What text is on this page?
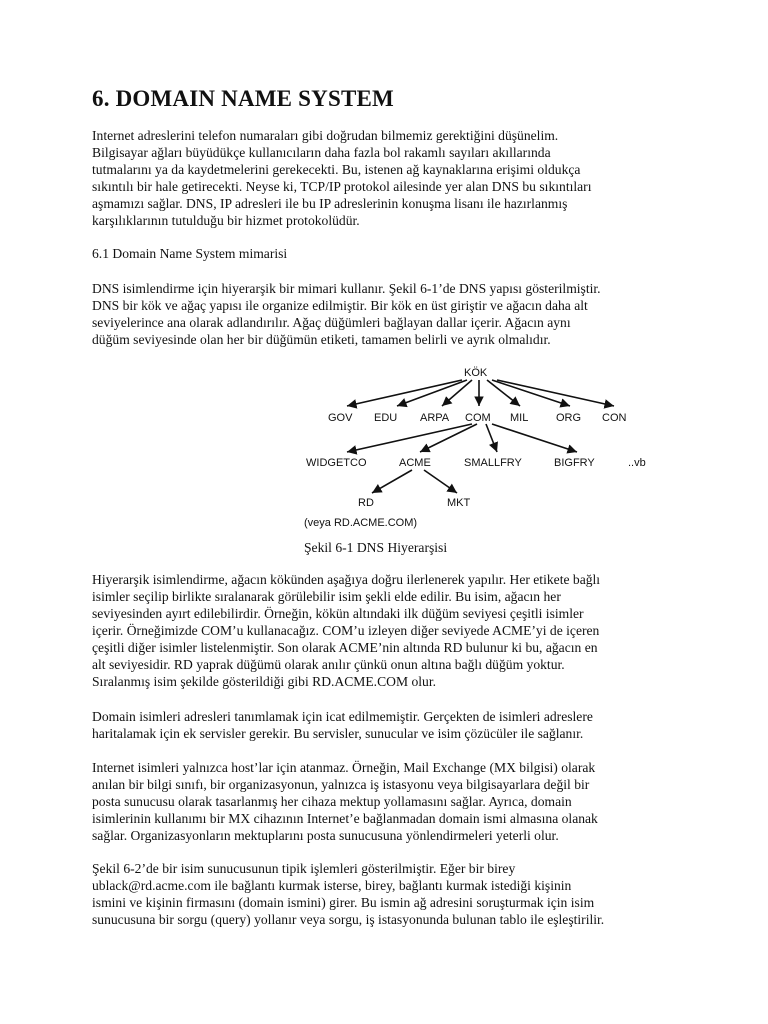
6. DOMAIN NAME SYSTEM
Internet adreslerini telefon numaraları gibi doğrudan bilmemiz gerektiğini düşünelim.
Bilgisayar ağları büyüdükçe kullanıcıların daha fazla bol rakamlı sayıları akıllarında
tutmalarını ya da kaydetmelerini gerekecekti. Bu, istenen ağ kaynaklarına erişimi oldukça
sıkıntılı bir hale getirecekti. Neyse ki, TCP/IP protokol ailesinde yer alan DNS bu sıkıntıları
aşmamızı sağlar. DNS, IP adresleri ile bu IP adreslerinin konuşma lisanı ile hazırlanmış
karşılıklarının tutulduğu bir hizmet protokolüdür.
6.1 Domain Name System mimarisi
DNS isimlendirme için hiyerarşik bir mimari kullanır. Şekil 6-1’de DNS yapısı gösterilmiştir.
DNS bir kök ve ağaç yapısı ile organize edilmiştir. Bir kök en üst giriştir ve ağacın daha alt
seviyelerince ana olarak adlandırılır. Ağaç düğümleri bağlayan dallar içerir. Ağacın aynı
düğüm seviyesinde olan her bir düğümün etiketi, tamamen belirli ve ayrık olmalıdır.
KÖK
GOV EDU ARPA COM MIL	ORG CON
WIDGETCO	ACME	SMALLFRY	BIGFRY	..vb
RD	MKT
(veya RD.ACME.COM)
Şekil 6-1 DNS Hiyerarşisi
Hiyerarşik isimlendirme, ağacın kökünden aşağıya doğru ilerlenerek yapılır. Her etikete bağlı
isimler seçilip birlikte sıralanarak görülebilir isim şekli elde edilir. Bu isim, ağacın her
seviyesinden ayırt edilebilirdir. Örneğin, kökün altındaki ilk düğüm seviyesi çeşitli isimler
içerir. Örneğimizde COM’u kullanacağız. COM’u izleyen diğer seviyede ACME’yi de içeren
çeşitli diğer isimler listelenmiştir. Son olarak ACME’nin altında RD bulunur ki bu, ağacın en
alt seviyesidir. RD yaprak düğümü olarak anılır çünkü onun altına bağlı düğüm yoktur.
Sıralanmış isim şekilde gösterildiği gibi RD.ACME.COM olur.
Domain isimleri adresleri tanımlamak için icat edilmemiştir. Gerçekten de isimleri adreslere
haritalamak için ek servisler gerekir. Bu servisler, sunucular ve isim çözücüler ile sağlanır.
Internet isimleri yalnızca host’lar için atanmaz. Örneğin, Mail Exchange (MX bilgisi) olarak
anılan bir bilgi sınıfı, bir organizasyonun, yalnızca iş istasyonu veya bilgisayarlara değil bir
posta sunucusu olarak tasarlanmış her cihaza mektup yollamasını sağlar. Ayrıca, domain
isimlerinin kullanımı bir MX cihazının Internet’e bağlanmadan domain ismi almasına olanak
sağlar. Organizasyonların mektuplarını posta sunucusuna yönlendirmeleri yeterli olur.
Şekil 6-2’de bir isim sunucusunun tipik işlemleri gösterilmiştir. Eğer bir birey
ublack@rd.acme.com ile bağlantı kurmak isterse, birey, bağlantı kurmak istediği kişinin
ismini ve kişinin firmasını (domain ismini) girer. Bu ismin ağ adresini soruşturmak için isim
sunucusuna bir sorgu (query) yollanır veya sorgu, iş istasyonunda bulunan tablo ile eşleştirilir.
